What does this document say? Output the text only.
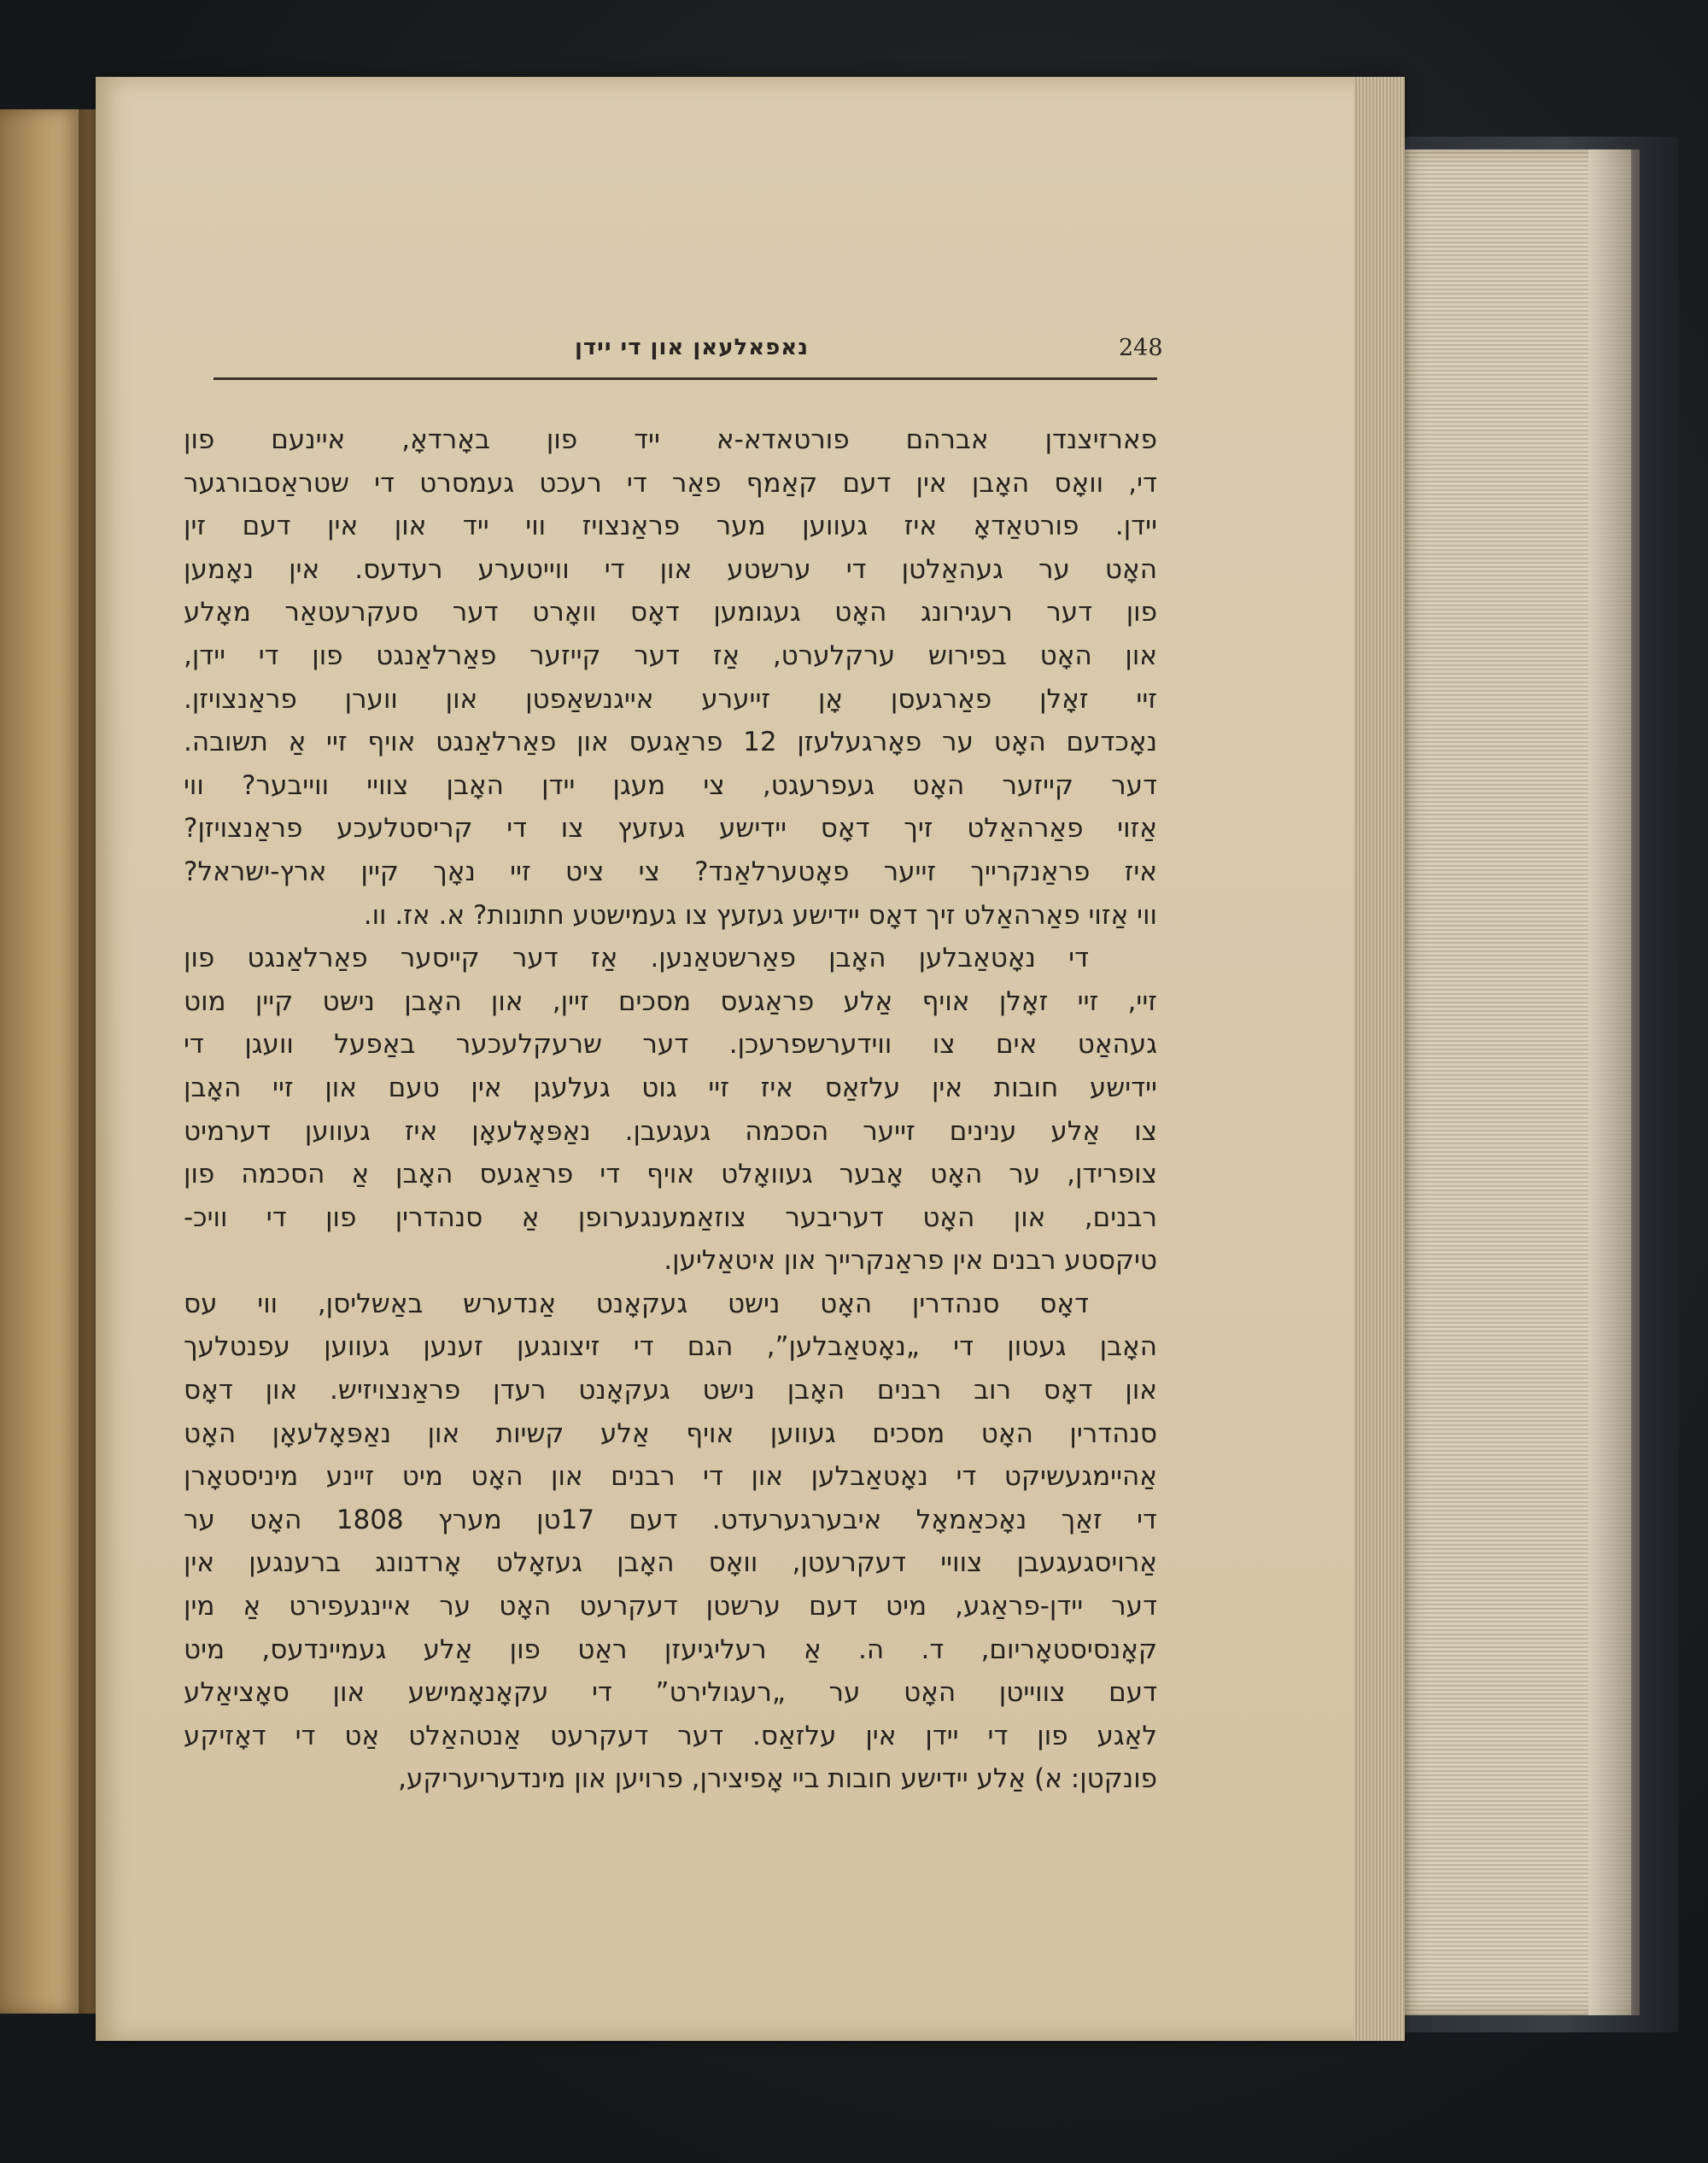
248
נאפאלעאן און די יידן
פארזיצנדן אברהם פורטאדא-א ייד פון באָרדאָ, איינעם פון
די, וואָס האָבן אין דעם קאַמף פאַר די רעכט געמסרט די שטראַסבורגער
יידן. פורטאַדאָ איז געווען מער פראַנצויז ווי ייד און אין דעם זין
האָט ער געהאַלטן די ערשטע און די ווייטערע רעדעס. אין נאָמען
פון דער רעגירונג האָט געגומען דאָס וואָרט דער סעקרעטאַר מאָלע
און האָט בפירוש ערקלערט, אַז דער קייזער פאַרלאַנגט פון די יידן,
זיי זאָלן פאַרגעסן אָן זייערע אייגנשאַפטן און ווערן פראַנצויזן.
נאָכדעם האָט ער פאָרגעלעזן 12 פראַגעס און פאַרלאַנגט אויף זיי אַ תשובה.
דער קייזער האָט געפרעגט, צי מעגן יידן האָבן צוויי ווייבער? ווי
אַזוי פאַרהאַלט זיך דאָס יידישע געזעץ צו די קריסטלעכע פראַנצויזן?
איז פראַנקרייך זייער פאָטערלאַנד? צי ציט זיי נאָך קיין ארץ-ישראל?
ווי אַזוי פאַרהאַלט זיך דאָס יידישע געזעץ צו געמישטע חתונות? א. אז. וו.
די נאָטאַבלען האָבן פאַרשטאַנען. אַז דער קייסער פאַרלאַנגט פון
זיי, זיי זאָלן אויף אַלע פראַגעס מסכים זיין, און האָבן נישט קיין מוט
געהאַט אים צו ווידערשפרעכן. דער שרעקלעכער באַפעל וועגן די
יידישע חובות אין עלזאַס איז זיי גוט געלעגן אין טעם און זיי האָבן
צו אַלע ענינים זייער הסכמה געגעבן. נאַפּאָלעאָן איז געווען דערמיט
צופרידן, ער האָט אָבער געוואָלט אויף די פראַגעס האָבן אַ הסכמה פון
רבנים, און האָט דעריבער צוזאַמענגערופן אַ סנהדרין פון די וויכ-
טיקסטע רבנים אין פראַנקרייך און איטאַליען.
דאָס סנהדרין האָט נישט געקאָנט אַנדערש באַשליסן, ווי עס
האָבן געטון די „נאָטאַבלען”, הגם די זיצונגען זענען געווען עפנטלעך
און דאָס רוב רבנים האָבן נישט געקאָנט רעדן פראַנצויזיש. און דאָס
סנהדרין האָט מסכים געווען אויף אַלע קשיות און נאַפּאָלעאָן האָט
אַהיימגעשיקט די נאָטאַבלען און די רבנים און האָט מיט זיינע מיניסטאָרן
די זאַך נאָכאַמאָל איבערגערעדט. דעם 17טן מערץ 1808 האָט ער
אַרויסגעגעבן צוויי דעקרעטן, וואָס האָבן געזאָלט אָרדנונג ברענגען אין
דער יידן-פראַגע, מיט דעם ערשטן דעקרעט האָט ער איינגעפירט אַ מין
קאָנסיסטאָריום, ד. ה. אַ רעליגיעזן ראַט פון אַלע געמיינדעס, מיט
דעם צווייטן האָט ער „רעגולירט” די עקאָנאָמישע און סאָציאַלע
לאַגע פון די יידן אין עלזאַס. דער דעקרעט אַנטהאַלט אַט די דאָזיקע
פונקטן: א) אַלע יידישע חובות ביי אָפיצירן, פרויען און מינדעריעריקע,
